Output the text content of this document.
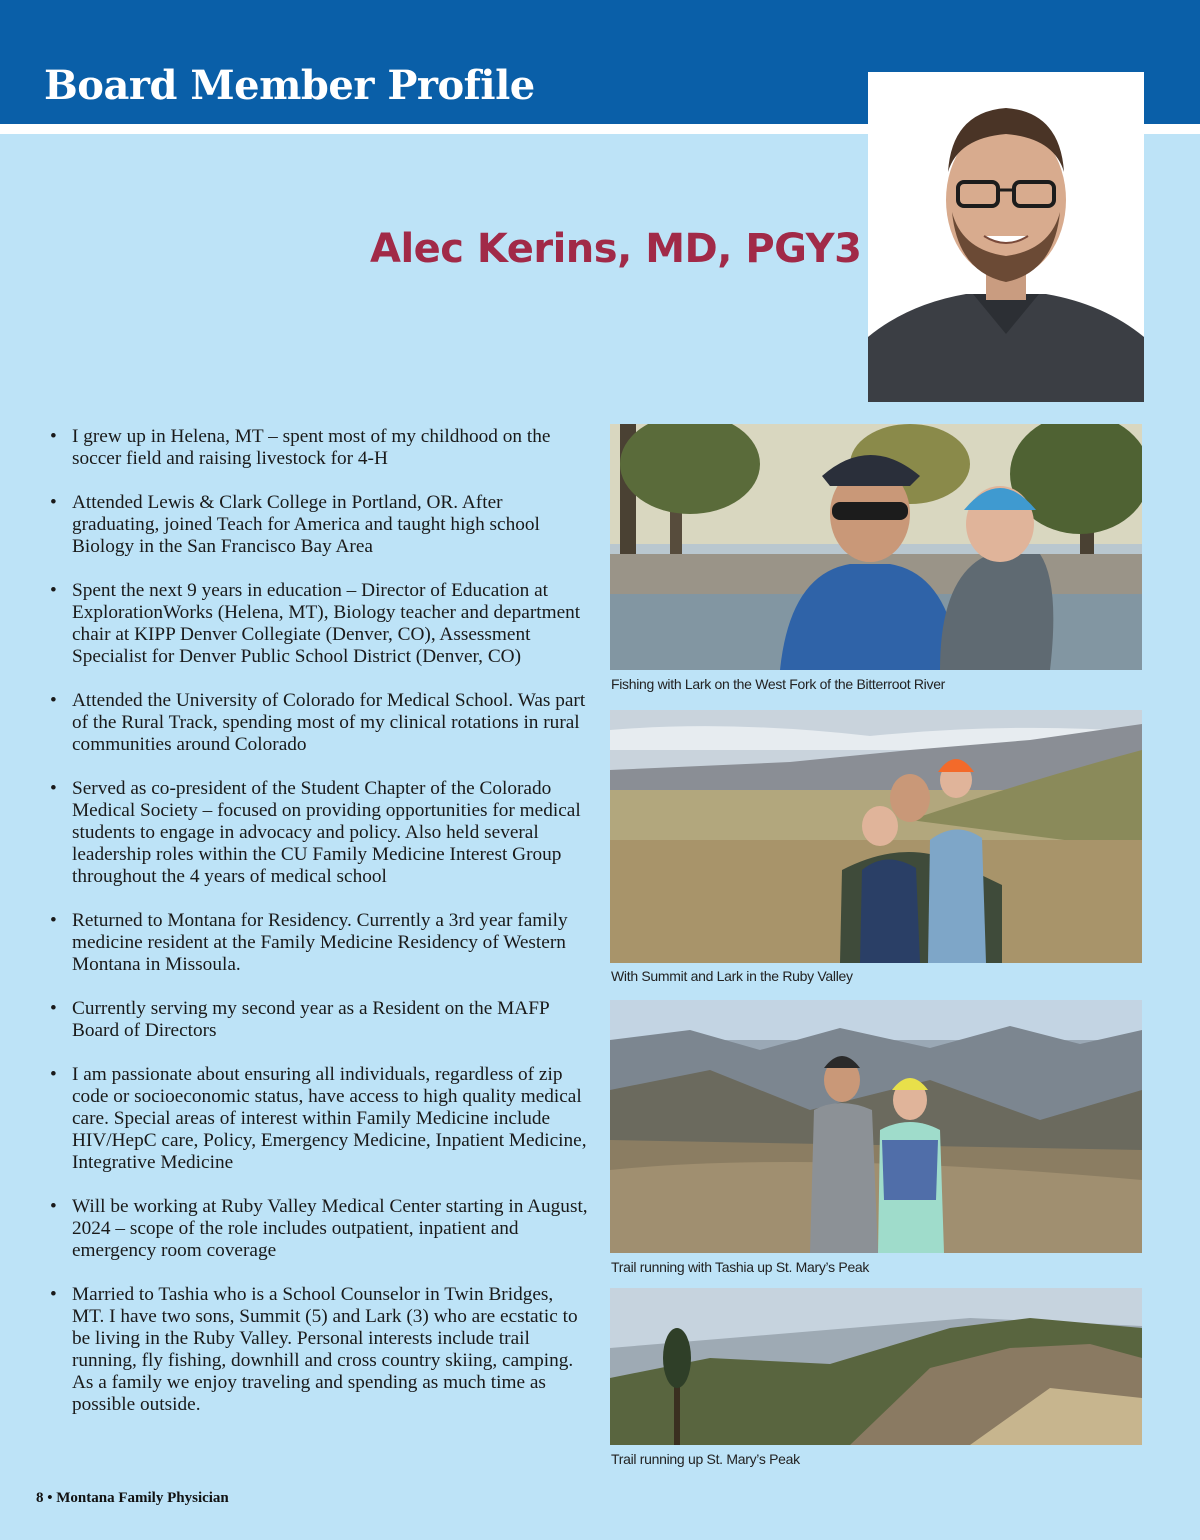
Board Member Profile
Alec Kerins, MD, PGY3
• I grew up in Helena, MT – spent most of my childhood on the soccer field and raising livestock for 4-H
• Attended Lewis & Clark College in Portland, OR. After graduating, joined Teach for America and taught high school Biology in the San Francisco Bay Area
• Spent the next 9 years in education – Director of Education at ExplorationWorks (Helena, MT), Biology teacher and department chair at KIPP Denver Collegiate (Denver, CO), Assessment Specialist for Denver Public School District (Denver, CO)
• Attended the University of Colorado for Medical School. Was part of the Rural Track, spending most of my clinical rotations in rural communities around Colorado
• Served as co-president of the Student Chapter of the Colorado Medical Society – focused on providing opportunities for medical students to engage in advocacy and policy. Also held several leadership roles within the CU Family Medicine Interest Group throughout the 4 years of medical school
• Returned to Montana for Residency. Currently a 3rd year family medicine resident at the Family Medicine Residency of Western Montana in Missoula.
• Currently serving my second year as a Resident on the MAFP Board of Directors
• I am passionate about ensuring all individuals, regardless of zip code or socioeconomic status, have access to high quality medical care. Special areas of interest within Family Medicine include HIV/HepC care, Policy, Emergency Medicine, Inpatient Medicine, Integrative Medicine
• Will be working at Ruby Valley Medical Center starting in August, 2024 – scope of the role includes outpatient, inpatient and emergency room coverage
• Married to Tashia who is a School Counselor in Twin Bridges, MT. I have two sons, Summit (5) and Lark (3) who are ecstatic to be living in the Ruby Valley. Personal interests include trail running, fly fishing, downhill and cross country skiing, camping. As a family we enjoy traveling and spending as much time as possible outside.
Fishing with Lark on the West Fork of the Bitterroot River
With Summit and Lark in the Ruby Valley
Trail running with Tashia up St. Mary’s Peak
Trail running up St. Mary’s Peak
8 • Montana Family Physician
